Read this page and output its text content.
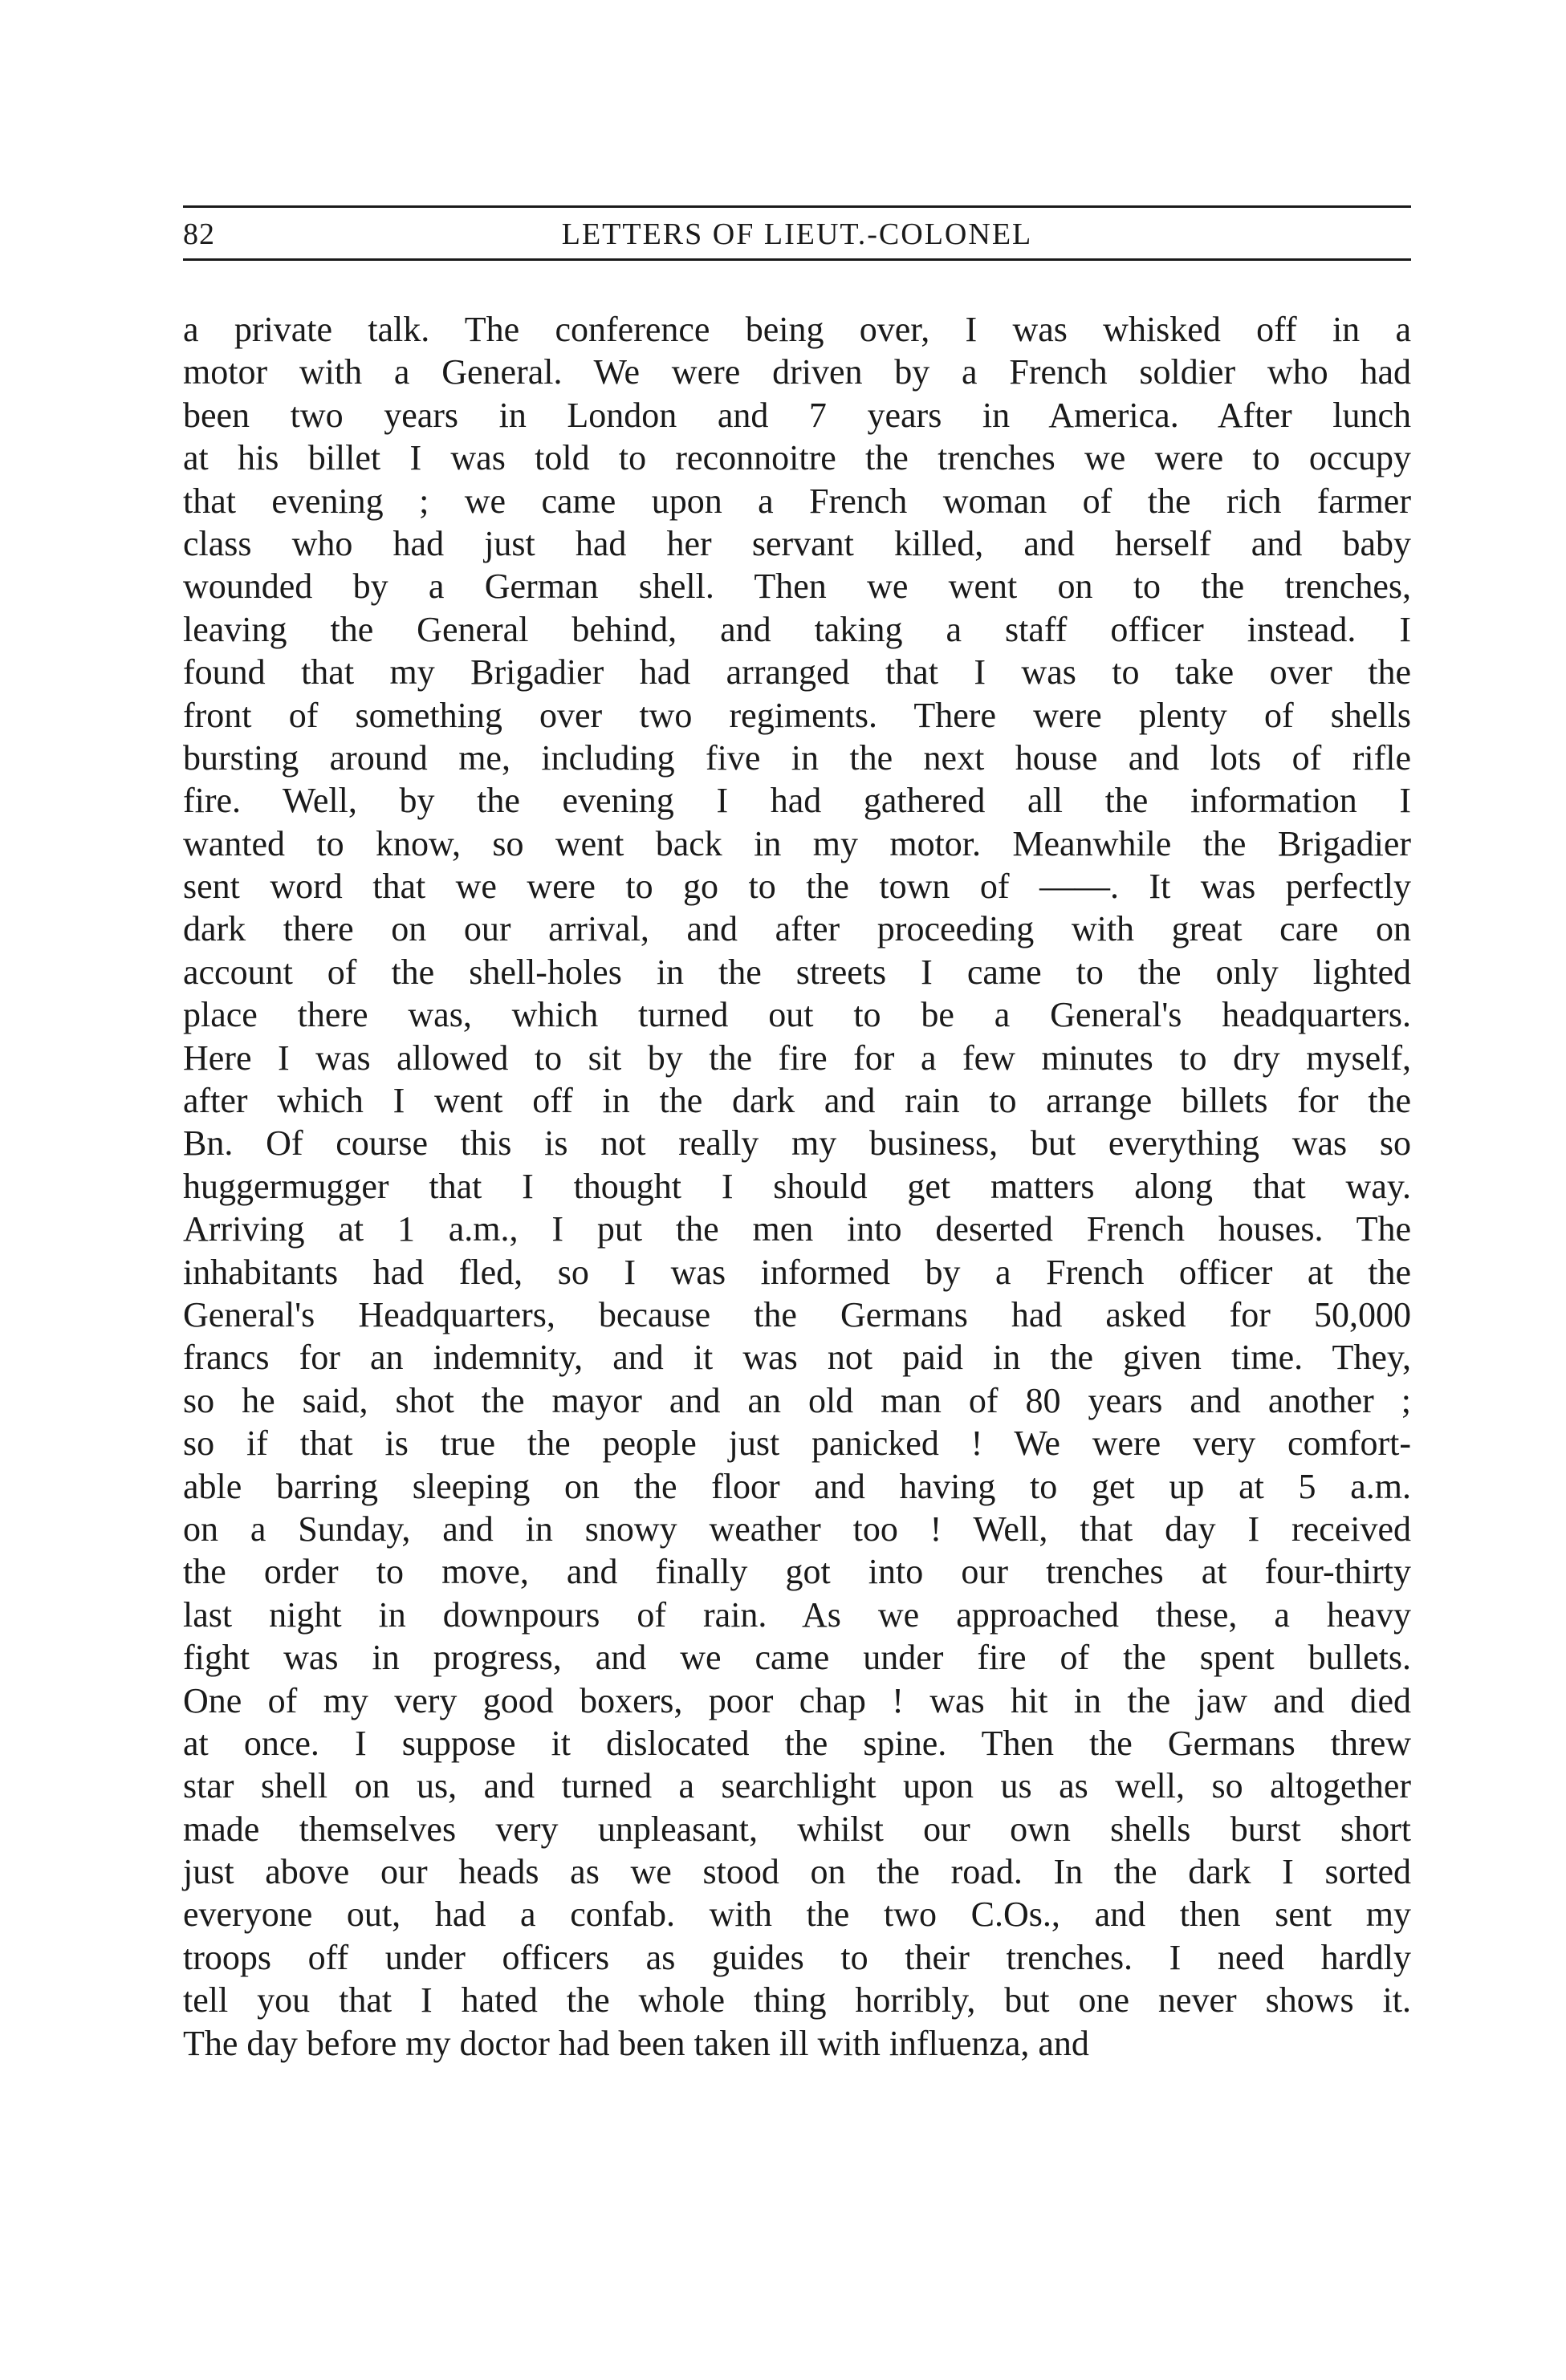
82	LETTERS OF LIEUT.-COLONEL
a private talk. The conference being over, I was whisked off in a
motor with a General. We were driven by a French soldier who had
been two years in London and 7 years in America. After lunch
at his billet I was told to reconnoitre the trenches we were to occupy
that evening ; we came upon a French woman of the rich farmer
class who had just had her servant killed, and herself and baby
wounded by a German shell. Then we went on to the trenches,
leaving the General behind, and taking a staff officer instead. I
found that my Brigadier had arranged that I was to take over the
front of something over two regiments. There were plenty of shells
bursting around me, including five in the next house and lots of rifle
fire. Well, by the evening I had gathered all the information I
wanted to know, so went back in my motor. Meanwhile the Brigadier
sent word that we were to go to the town of ——. It was perfectly
dark there on our arrival, and after proceeding with great care on
account of the shell-holes in the streets I came to the only lighted
place there was, which turned out to be a General's headquarters.
Here I was allowed to sit by the fire for a few minutes to dry myself,
after which I went off in the dark and rain to arrange billets for the
Bn. Of course this is not really my business, but everything was so
huggermugger that I thought I should get matters along that way.
Arriving at 1 a.m., I put the men into deserted French houses. The
inhabitants had fled, so I was informed by a French officer at the
General's Headquarters, because the Germans had asked for 50,000
francs for an indemnity, and it was not paid in the given time. They,
so he said, shot the mayor and an old man of 80 years and another ;
so if that is true the people just panicked ! We were very comfort-
able barring sleeping on the floor and having to get up at 5 a.m.
on a Sunday, and in snowy weather too ! Well, that day I received
the order to move, and finally got into our trenches at four-thirty
last night in downpours of rain. As we approached these, a heavy
fight was in progress, and we came under fire of the spent bullets.
One of my very good boxers, poor chap ! was hit in the jaw and died
at once. I suppose it dislocated the spine. Then the Germans threw
star shell on us, and turned a searchlight upon us as well, so altogether
made themselves very unpleasant, whilst our own shells burst short
just above our heads as we stood on the road. In the dark I sorted
everyone out, had a confab. with the two C.Os., and then sent my
troops off under officers as guides to their trenches. I need hardly
tell you that I hated the whole thing horribly, but one never shows it.
The day before my doctor had been taken ill with influenza, and
